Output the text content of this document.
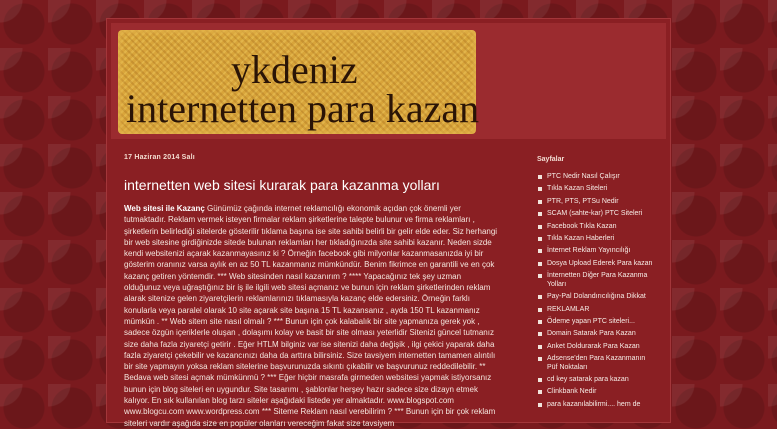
ykdeniz
internetten para kazan
17 Haziran 2014 Salı
internetten web sitesi kurarak para kazanma yolları
Web sitesi ile Kazanç Günümüz çağında internet reklamcılığı ekonomik açıdan çok önemli yer tutmaktadır. Reklam vermek isteyen firmalar reklam şirketlerine talepte bulunur ve firma reklamları , şirketlerin belirlediği sitelerde gösterilir tıklama başına ise site sahibi belirli bir gelir elde eder. Siz herhangi bir web sitesine girdiğinizde sitede bulunan reklamları her tıkladığınızda site sahibi kazanır. Neden sizde kendi websitenizi açarak kazanmayasınız ki ? Örneğin facebook gibi milyonlar kazanmasanızda iyi bir gösterim oranınız varsa aylık en az 50 TL kazanmanız mümkündür. Benim fikrimce en garantili ve en çok kazanç getiren yöntemdir. *** Web sitesinden nasıl kazanırım ? **** Yapacağınız tek şey uzman olduğunuz veya uğraştığınız bir iş ile ilgili web sitesi açmanız ve bunun için reklam şirketlerinden reklam alarak sitenize gelen ziyaretçilerin reklamlarınızı tıklamasıyla kazanç elde edersiniz. Örneğin farklı konularla veya paralel olarak 10 site açarak site başına 15 TL kazansanız , ayda 150 TL kazanmanız mümkün . ** Web sitem site nasıl olmalı ? *** Bunun için çok kalabalık bir site yapmanıza gerek yok , sadece özgün içeriklerle oluşan , dolaşımı kolay ve basit bir site olması yeterlidir Sitenizi güncel tutmanız size daha fazla ziyaretçi getirir . Eğer HTLM bilginiz var ise sitenizi daha değişik , ilgi çekici yaparak daha fazla ziyaretçi çekebilir ve kazancınızı daha da arttıra bilirsiniz. Size tavsiyem internetten tamamen alıntılı bir site yapmayın yoksa reklam sitelerine başvurunuzda sıkıntı çıkabilir ve başvurunuz reddedilebilir. ** Bedava web sitesi açmak mümkünmü ? *** Eğer hiçbir masrafa girmeden websitesi yapmak istiyorsanız bunun için blog siteleri en uygundur. Site tasarımı , şablonlar herşey hazır sadece size dizayn etmek kalıyor. En sık kullanılan blog tarzı siteler aşağıdaki listede yer almaktadır. www.blogspot.com www.blogcu.com www.wordpress.com *** Siteme Reklam nasıl verebilirim ? *** Bunun için bir çok reklam siteleri vardır aşağıda size en popüler olanları vereceğim fakat size tavsiyem
Sayfalar
PTC Nedir Nasıl Çalışır
Tıkla Kazan Siteleri
PTR, PTS, PTSu Nedir
SCAM (sahte-kar) PTC Siteleri
Facebook Tıkla Kazan
Tıkla Kazan Haberleri
İnternet Reklam Yayıncılığı
Dosya Upload Ederek Para kazan
İnternetten Diğer Para Kazanma Yolları
Pay-Pal Dolandırıcılığına Dikkat
REKLAMLAR
Ödeme yapan PTC siteleri...
Domain Satarak Para Kazan
Anket Doldurarak Para Kazan
Adsense'den Para Kazanmanın Püf Noktaları
cd key satarak para kazan
Clinkbank Nedir
para kazanılabilirmi.... hem de
